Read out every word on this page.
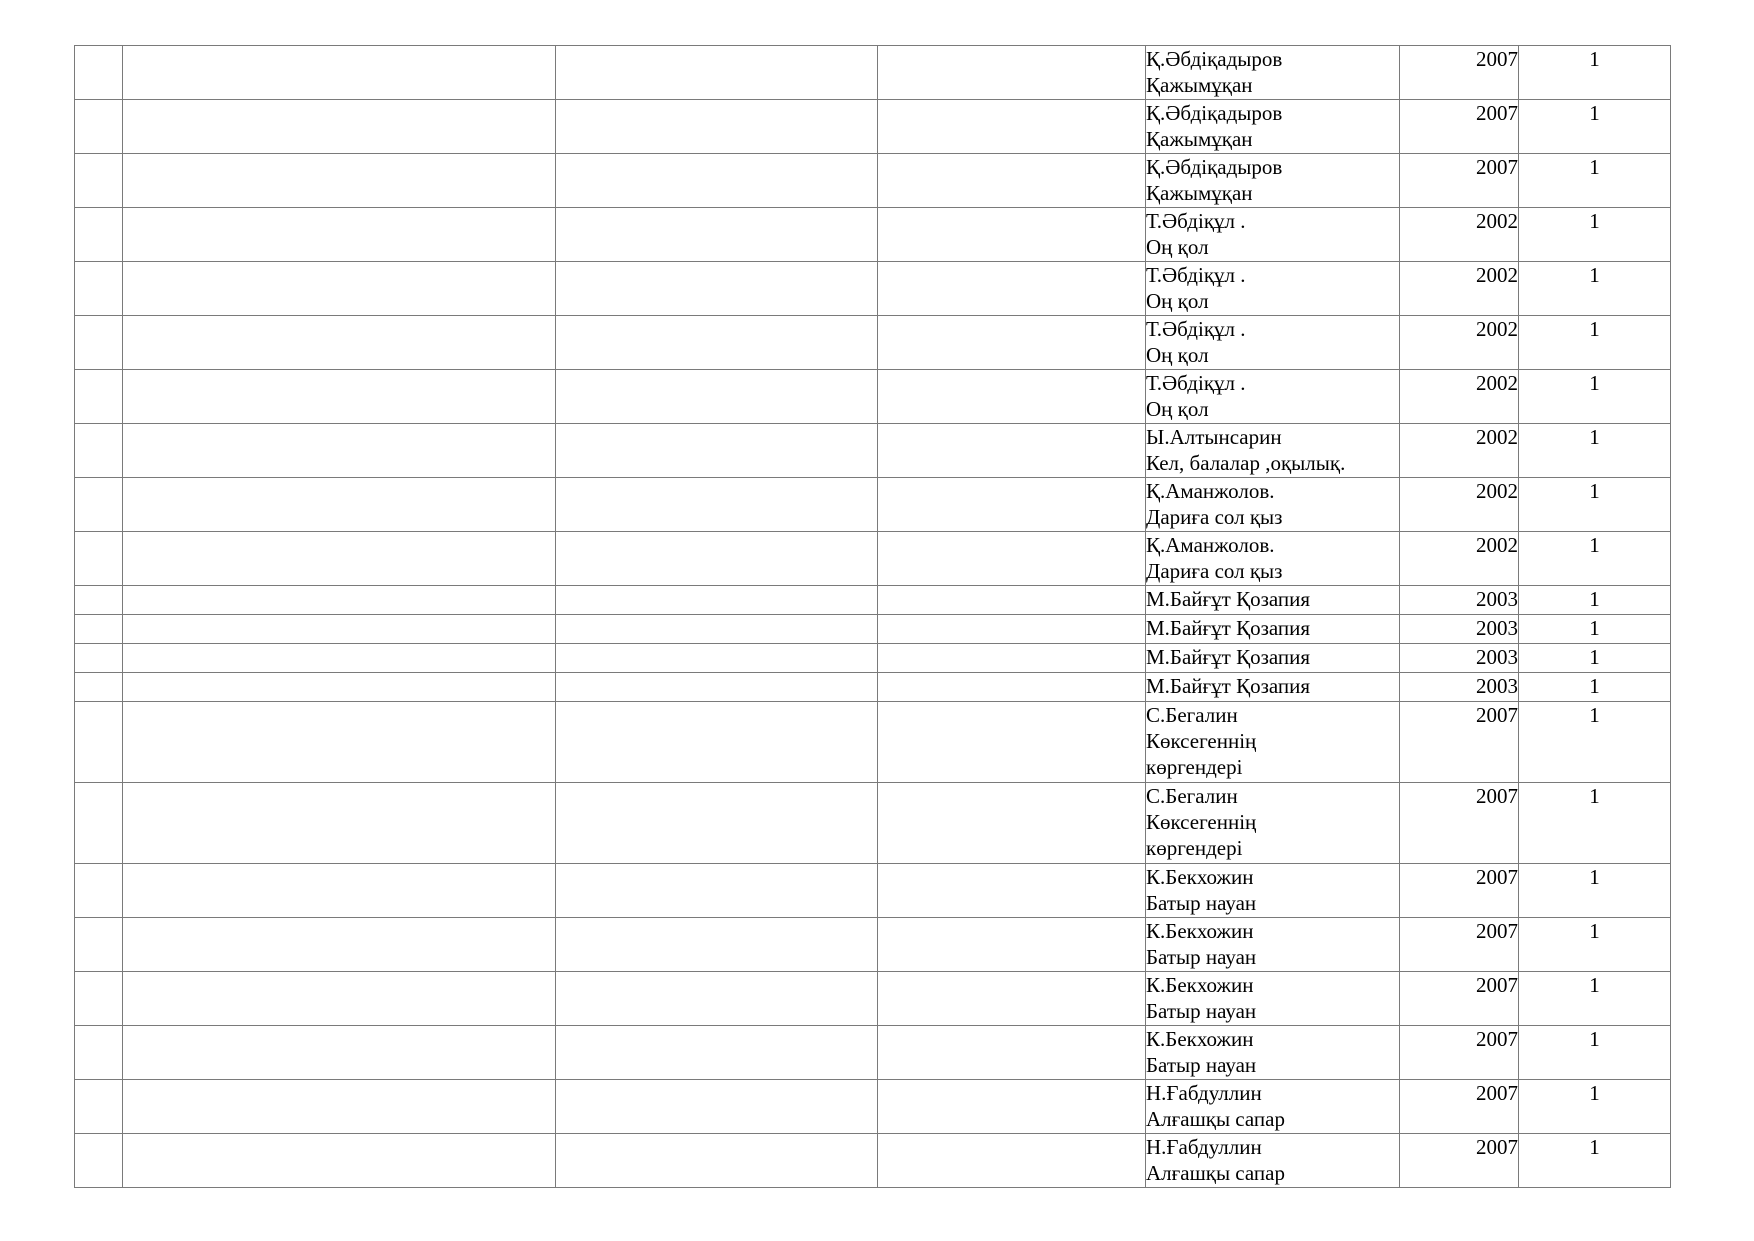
				Қ.Әбдіқадыров
Қажымұқан	2007	1

				Қ.Әбдіқадыров
Қажымұқан	2007	1

				Қ.Әбдіқадыров
Қажымұқан	2007	1

				Т.Әбдіқұл .
Оң қол	2002	1

				Т.Әбдіқұл .
Оң қол	2002	1

				Т.Әбдіқұл .
Оң қол	2002	1

				Т.Әбдіқұл .
Оң қол	2002	1

				Ы.Алтынсарин
Кел, балалар ,оқылық.	2002	1

				Қ.Аманжолов.
Дариға сол қыз	2002	1

				Қ.Аманжолов.
Дариға сол қыз	2002	1

				М.Байғұт Қозапия	2003	1

				М.Байғұт Қозапия	2003	1

				М.Байғұт Қозапия	2003	1

				М.Байғұт Қозапия	2003	1

				С.Бегалин
Көксегеннің
көргендері	2007	1

				С.Бегалин
Көксегеннің
көргендері	2007	1

				К.Бекхожин
Батыр науан	2007	1

				К.Бекхожин
Батыр науан	2007	1

				К.Бекхожин
Батыр науан	2007	1

				К.Бекхожин
Батыр науан	2007	1

				Н.Ғабдуллин
Алғашқы сапар	2007	1

				Н.Ғабдуллин
Алғашқы сапар	2007	1
